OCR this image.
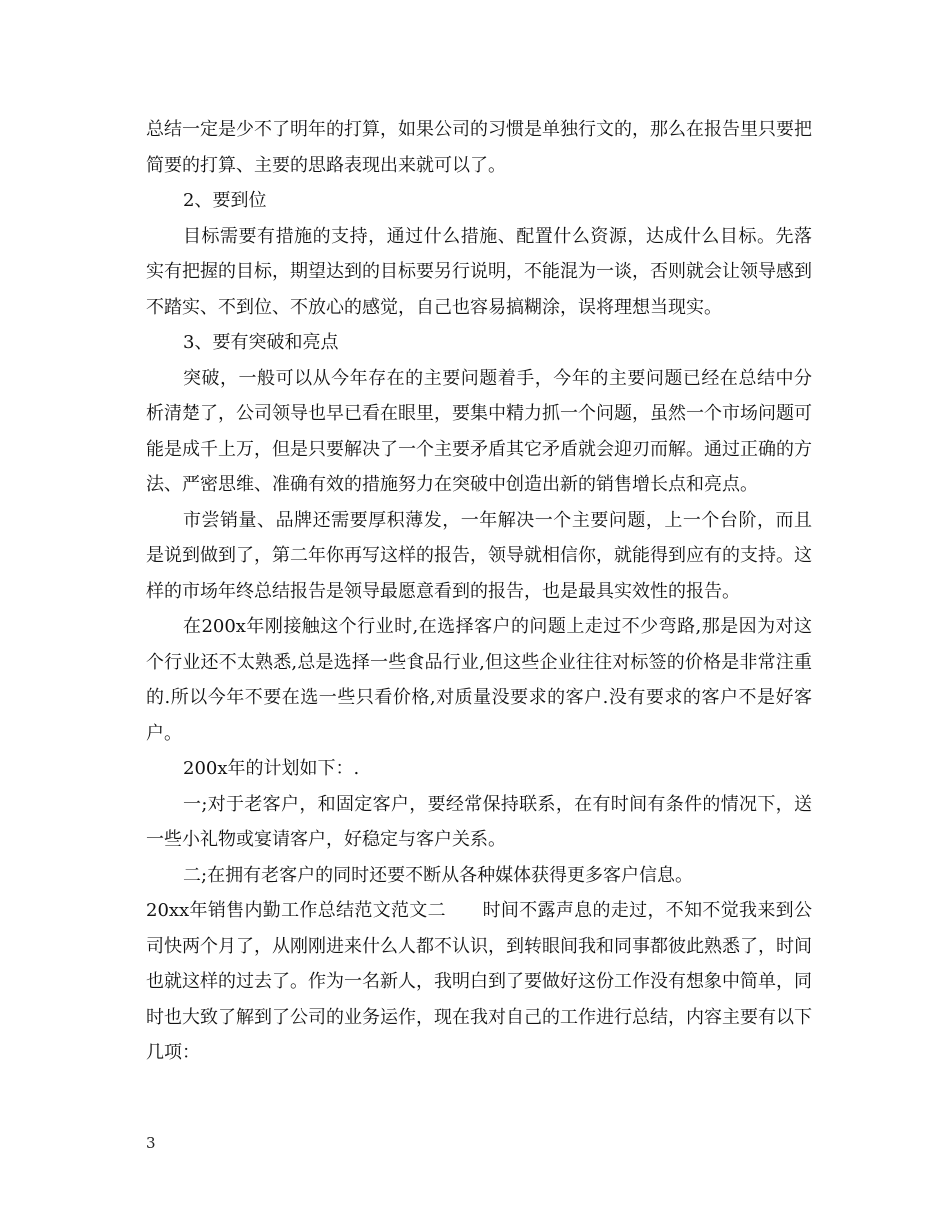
总结一定是少不了明年的打算，如果公司的习惯是单独行文的，那么在报告里只要把简要的打算、主要的思路表现出来就可以了。

2、要到位

目标需要有措施的支持，通过什么措施、配置什么资源，达成什么目标。先落实有把握的目标，期望达到的目标要另行说明，不能混为一谈，否则就会让领导感到不踏实、不到位、不放心的感觉，自己也容易搞糊涂，误将理想当现实。

3、要有突破和亮点

突破，一般可以从今年存在的主要问题着手，今年的主要问题已经在总结中分析清楚了，公司领导也早已看在眼里，要集中精力抓一个问题，虽然一个市场问题可能是成千上万，但是只要解决了一个主要矛盾其它矛盾就会迎刃而解。通过正确的方法、严密思维、准确有效的措施努力在突破中创造出新的销售增长点和亮点。

市尝销量、品牌还需要厚积薄发，一年解决一个主要问题，上一个台阶，而且是说到做到了，第二年你再写这样的报告，领导就相信你，就能得到应有的支持。这样的市场年终总结报告是领导最愿意看到的报告，也是最具实效性的报告。

在200x年刚接触这个行业时,在选择客户的问题上走过不少弯路,那是因为对这个行业还不太熟悉,总是选择一些食品行业,但这些企业往往对标签的价格是非常注重的.所以今年不要在选一些只看价格,对质量没要求的客户.没有要求的客户不是好客户。

200x年的计划如下：.

一;对于老客户，和固定客户，要经常保持联系，在有时间有条件的情况下，送一些小礼物或宴请客户，好稳定与客户关系。

二;在拥有老客户的同时还要不断从各种媒体获得更多客户信息。

20xx年销售内勤工作总结范文范文二　　时间不露声息的走过，不知不觉我来到公司快两个月了，从刚刚进来什么人都不认识，到转眼间我和同事都彼此熟悉了，时间也就这样的过去了。作为一名新人，我明白到了要做好这份工作没有想象中简单，同时也大致了解到了公司的业务运作，现在我对自己的工作进行总结，内容主要有以下几项：

3
